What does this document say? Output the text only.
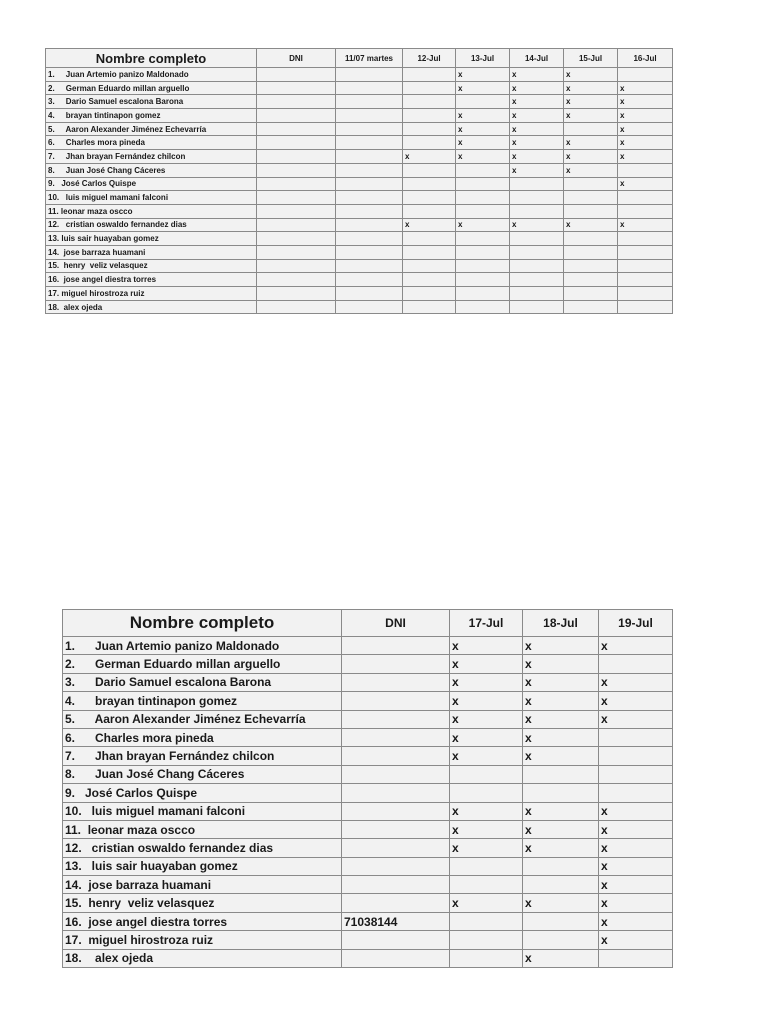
Nombre completo	DNI	11/07 martes	12-Jul	13-Jul	14-Jul	15-Jul	16-Jul
1.     Juan Artemio panizo Maldonado				x	x	x	
2.     German Eduardo millan arguello				x	x	x	x
3.     Dario Samuel escalona Barona					x	x	x
4.     brayan tintinapon gomez				x	x	x	x
5.     Aaron Alexander Jiménez Echevarría				x	x		x
6.     Charles mora pineda				x	x	x	x
7.     Jhan brayan Fernández chilcon			x	x	x	x	x
8.     Juan José Chang Cáceres					x	x	
9.   José Carlos Quispe							x
10.   luis miguel mamani falconi							
11. leonar maza oscco							
12.   cristian oswaldo fernandez dias			x	x	x	x	x
13. luis sair huayaban gomez							
14.  jose barraza huamani							
15.  henry  veliz velasquez							
16.  jose angel diestra torres							
17. miguel hirostroza ruiz							
18.  alex ojeda							
Nombre completo	DNI	17-Jul	18-Jul	19-Jul
1.      Juan Artemio panizo Maldonado		x	x	x
2.      German Eduardo millan arguello		x	x	
3.      Dario Samuel escalona Barona		x	x	x
4.      brayan tintinapon gomez		x	x	x
5.      Aaron Alexander Jiménez Echevarría		x	x	x
6.      Charles mora pineda		x	x	
7.      Jhan brayan Fernández chilcon		x	x	
8.      Juan José Chang Cáceres				
9.   José Carlos Quispe				
10.   luis miguel mamani falconi		x	x	x
11.  leonar maza oscco		x	x	x
12.   cristian oswaldo fernandez dias		x	x	x
13.   luis sair huayaban gomez				x
14.  jose barraza huamani				x
15.  henry  veliz velasquez		x	x	x
16.  jose angel diestra torres	71038144			x
17.  miguel hirostroza ruiz				x
18.    alex ojeda			x	
